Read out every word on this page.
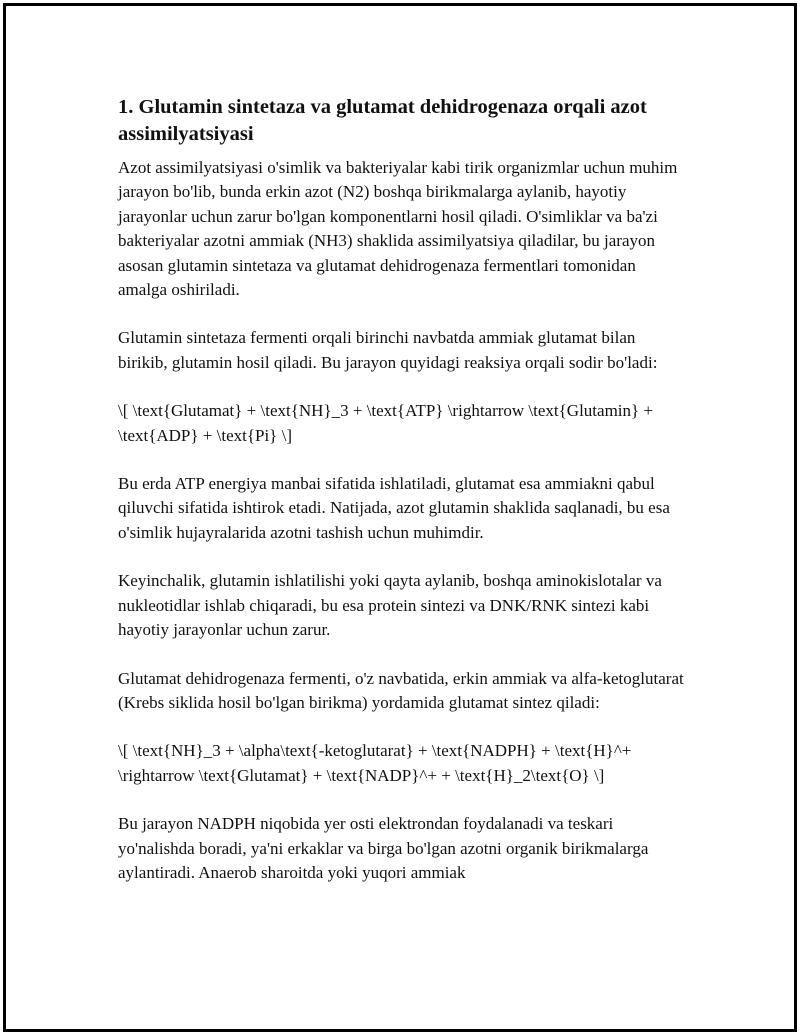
1. Glutamin sintetaza va glutamat dehidrogenaza orqali azot assimilyatsiyasi

Azot assimilyatsiyasi o'simlik va bakteriyalar kabi tirik organizmlar uchun muhim jarayon bo'lib, bunda erkin azot (N2) boshqa birikmalarga aylanib, hayotiy jarayonlar uchun zarur bo'lgan komponentlarni hosil qiladi. O'simliklar va ba'zi bakteriyalar azotni ammiak (NH3) shaklida assimilyatsiya qiladilar, bu jarayon asosan glutamin sintetaza va glutamat dehidrogenaza fermentlari tomonidan amalga oshiriladi.

Glutamin sintetaza fermenti orqali birinchi navbatda ammiak glutamat bilan birikib, glutamin hosil qiladi. Bu jarayon quyidagi reaksiya orqali sodir bo'ladi:

\[ \text{Glutamat} + \text{NH}_3 + \text{ATP} \rightarrow \text{Glutamin} + \text{ADP} + \text{Pi} \]

Bu erda ATP energiya manbai sifatida ishlatiladi, glutamat esa ammiakni qabul qiluvchi sifatida ishtirok etadi. Natijada, azot glutamin shaklida saqlanadi, bu esa o'simlik hujayralarida azotni tashish uchun muhimdir.

Keyinchalik, glutamin ishlatilishi yoki qayta aylanib, boshqa aminokislotalar va nukleotidlar ishlab chiqaradi, bu esa protein sintezi va DNK/RNK sintezi kabi hayotiy jarayonlar uchun zarur.

Glutamat dehidrogenaza fermenti, o'z navbatida, erkin ammiak va alfa-ketoglutarat (Krebs siklida hosil bo'lgan birikma) yordamida glutamat sintez qiladi:

\[ \text{NH}_3 + \alpha\text{-ketoglutarat} + \text{NADPH} + \text{H}^+ \rightarrow \text{Glutamat} + \text{NADP}^+ + \text{H}_2\text{O} \]

Bu jarayon NADPH niqobida yer osti elektrondan foydalanadi va teskari yo'nalishda boradi, ya'ni erkaklar va birga bo'lgan azotni organik birikmalarga aylantiradi. Anaerob sharoitda yoki yuqori ammiak
